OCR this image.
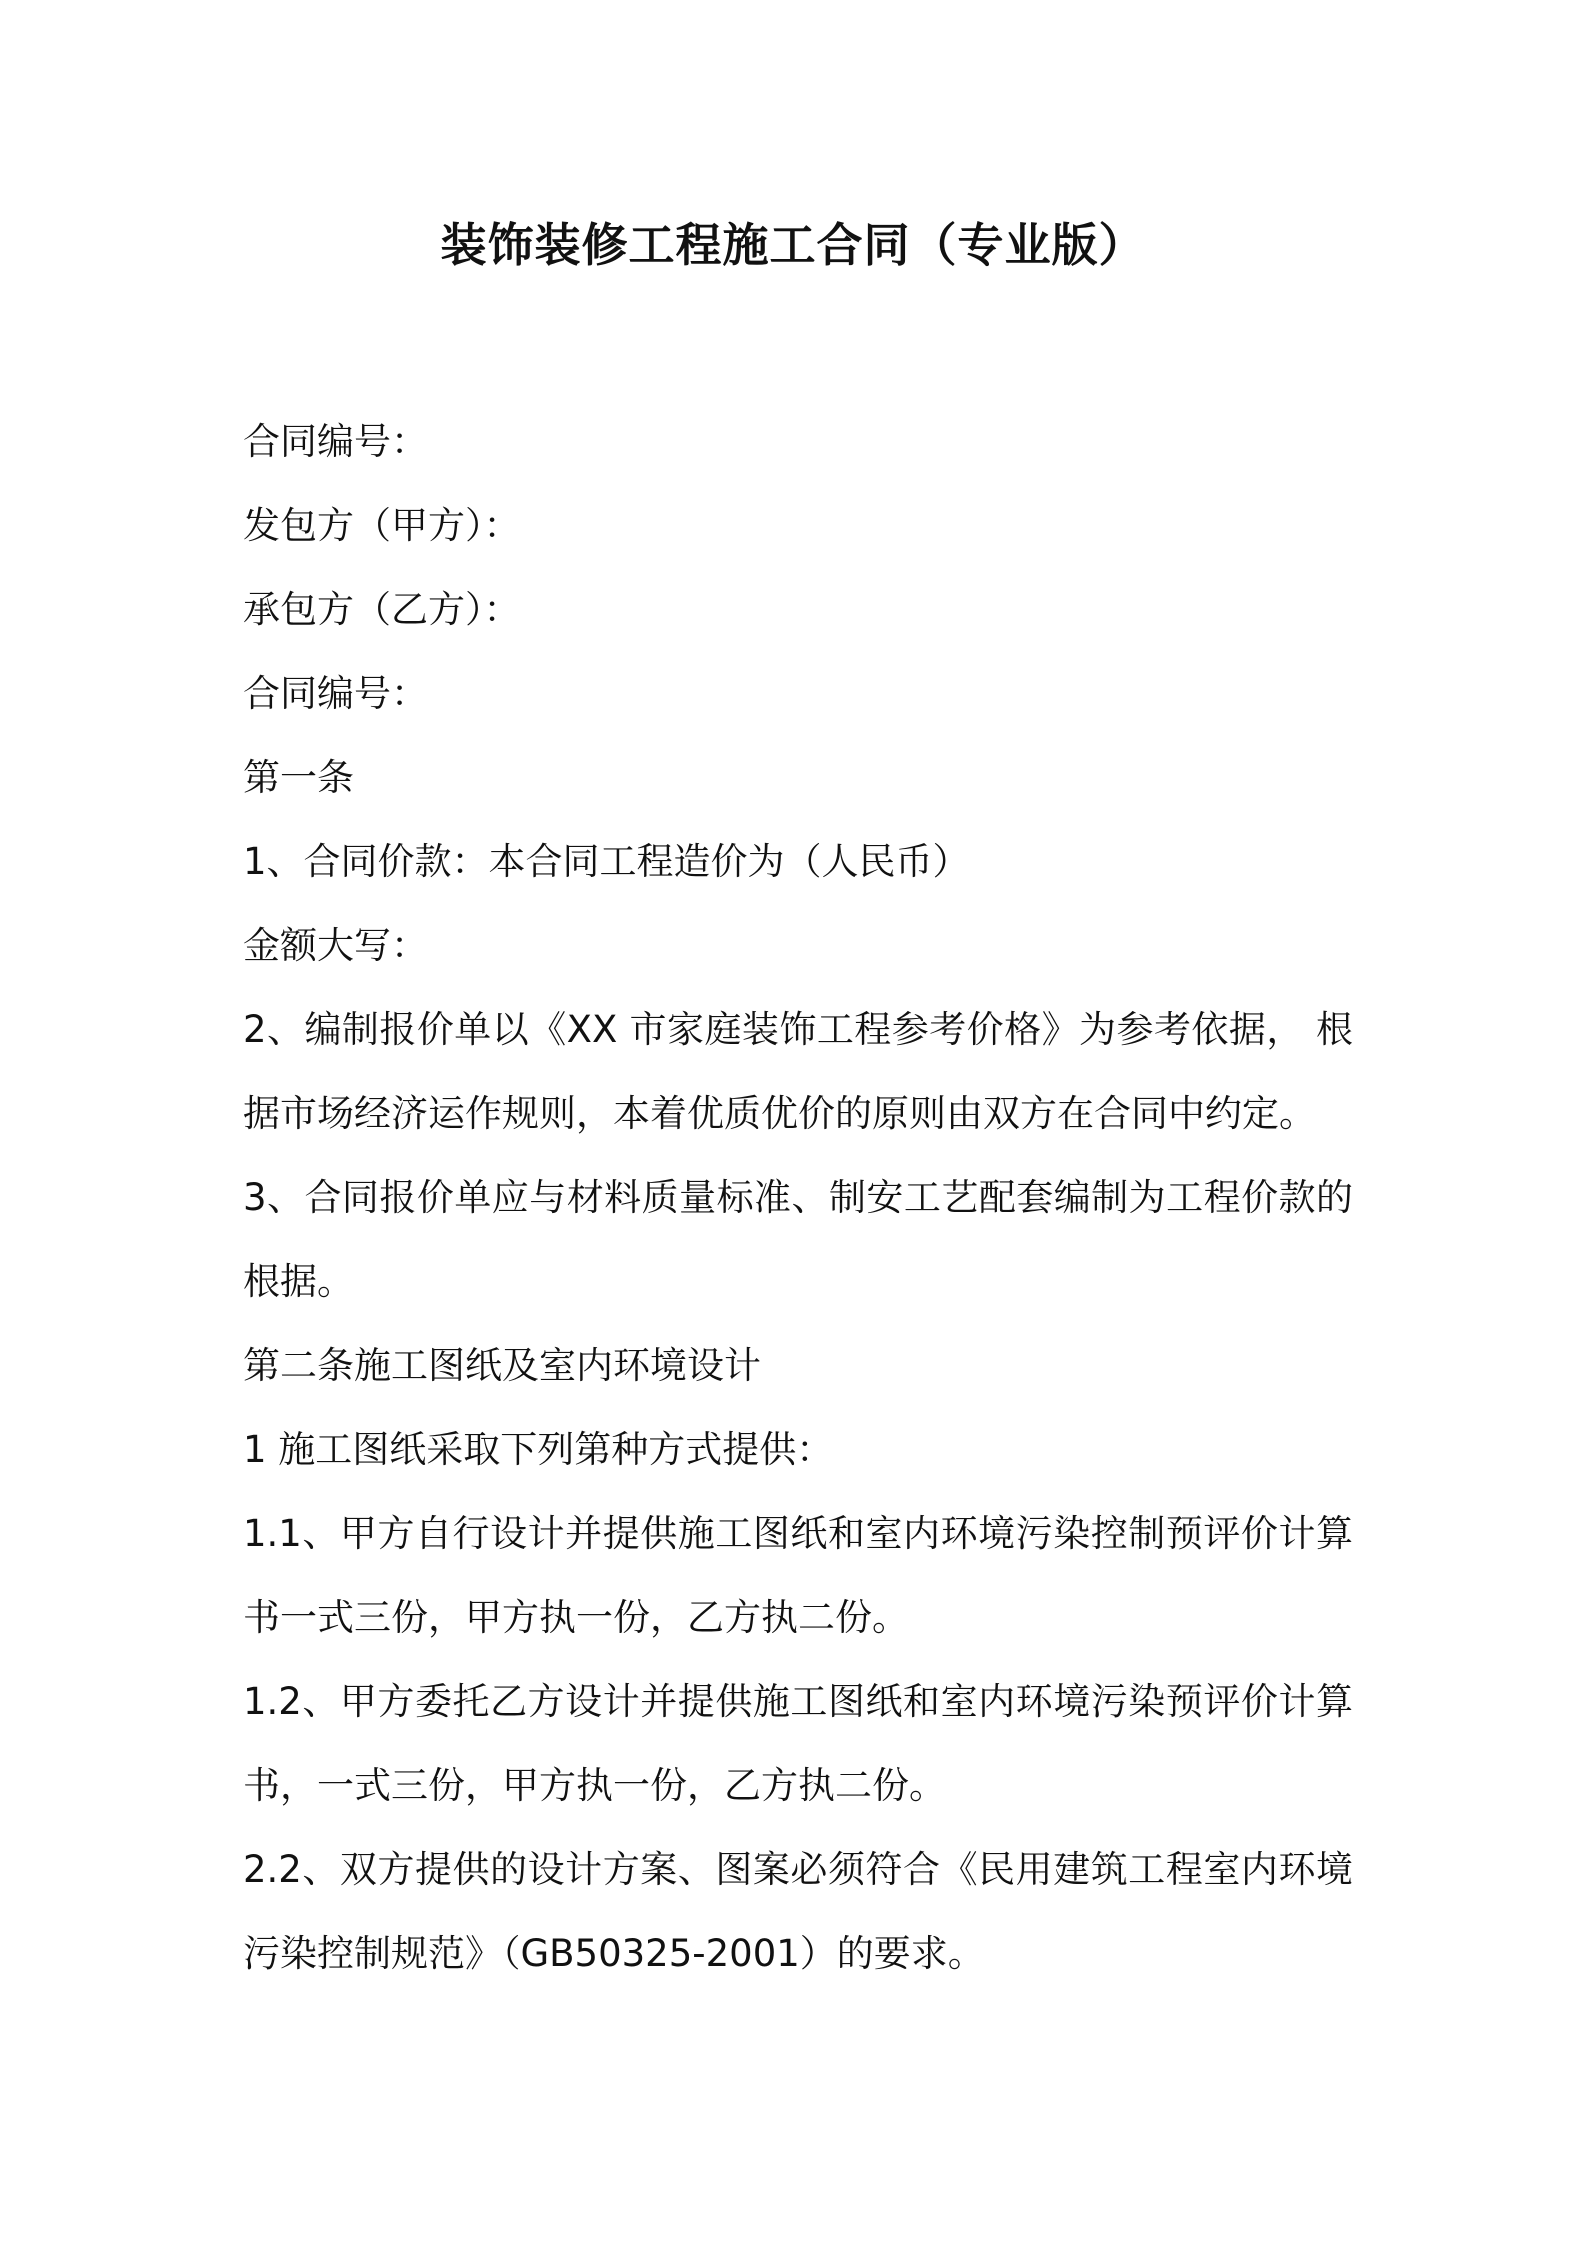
装饰装修工程施工合同（专业版）
合同编号：
发包方（甲方）：
承包方（乙方）：
合同编号：
第一条
1、合同价款：本合同工程造价为（人民币）
金额大写：
2、编制报价单以《XX 市家庭装饰工程参考价格》为参考依据， 根
据市场经济运作规则，本着优质优价的原则由双方在合同中约定。
3、合同报价单应与材料质量标准、制安工艺配套编制为工程价款的
根据。
第二条施工图纸及室内环境设计
1 施工图纸采取下列第种方式提供：
1.1、甲方自行设计并提供施工图纸和室内环境污染控制预评价计算
书一式三份，甲方执一份，乙方执二份。
1.2、甲方委托乙方设计并提供施工图纸和室内环境污染预评价计算
书，一式三份，甲方执一份，乙方执二份。
2.2、双方提供的设计方案、图案必须符合《民用建筑工程室内环境
污染控制规范》（GB50325-2001）的要求。
